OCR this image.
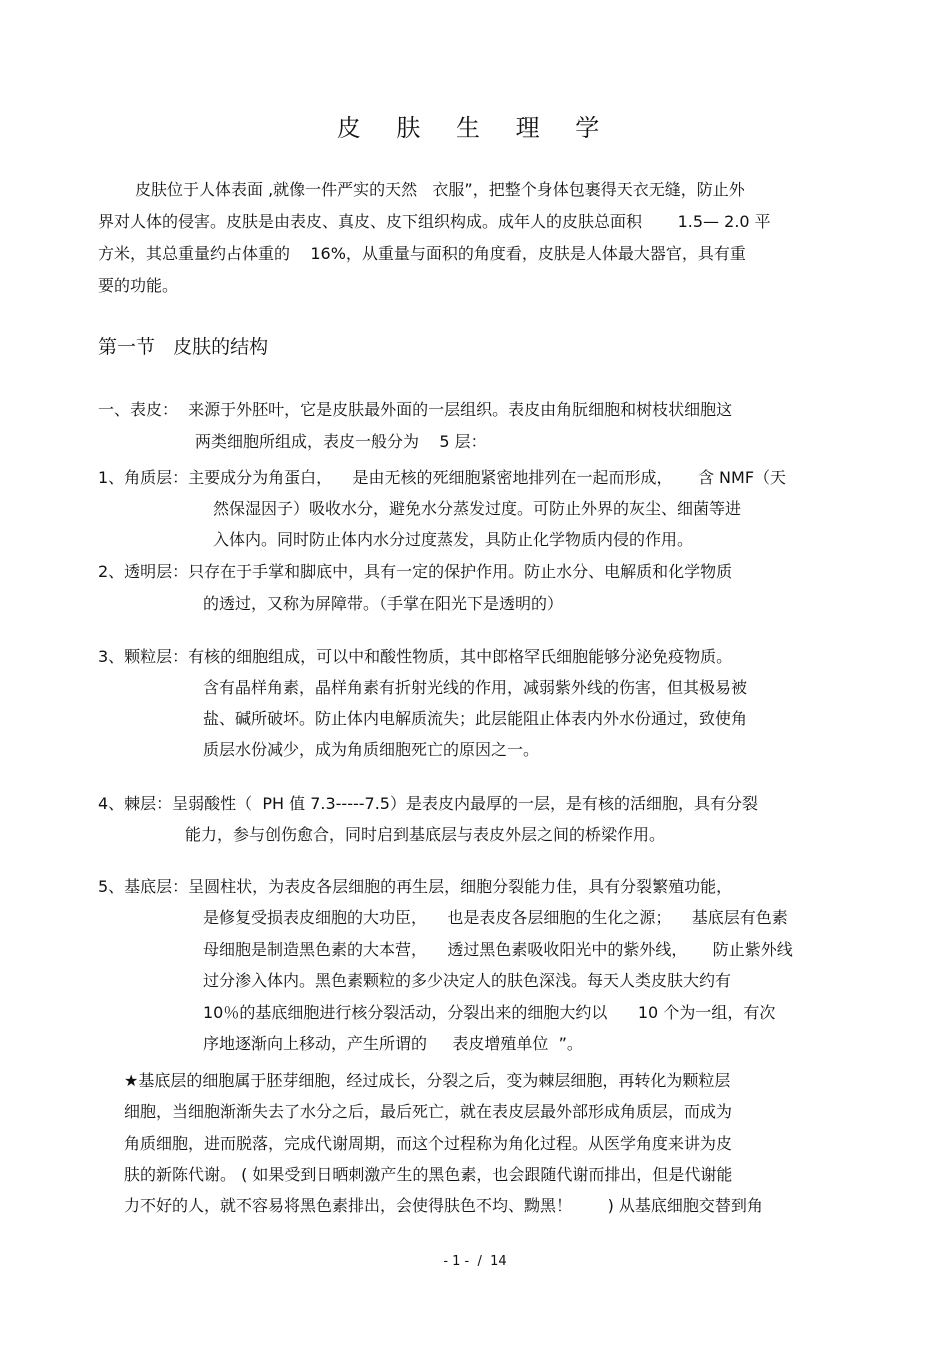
皮 肤 生 理 学
皮肤位于人体表面 ,就像一件严实的天然   衣服”，把整个身体包裹得天衣无缝，防止外
界对人体的侵害。皮肤是由表皮、真皮、皮下组织构成。成年人的皮肤总面积       1.5— 2.0 平
方米，其总重量约占体重的    16%，从重量与面积的角度看，皮肤是人体最大器官，具有重
要的功能。
第一节   皮肤的结构
一、表皮：  来源于外胚叶，它是皮肤最外面的一层组织。表皮由角朊细胞和树枝状细胞这
两类细胞所组成，表皮一般分为    5 层：
1、角质层：主要成分为角蛋白，    是由无核的死细胞紧密地排列在一起而形成，     含 NMF（天
然保湿因子）吸收水分，避免水分蒸发过度。可防止外界的灰尘、细菌等进
入体内。同时防止体内水分过度蒸发，具防止化学物质内侵的作用。
2、透明层：只存在于手掌和脚底中，具有一定的保护作用。防止水分、电解质和化学物质
的透过，又称为屏障带。（手掌在阳光下是透明的）
3、颗粒层：有核的细胞组成，可以中和酸性物质，其中郎格罕氏细胞能够分泌免疫物质。
含有晶样角素，晶样角素有折射光线的作用，减弱紫外线的伤害，但其极易被
盐、碱所破坏。防止体内电解质流失；此层能阻止体表内外水份通过，致使角
质层水份减少，成为角质细胞死亡的原因之一。
4、棘层：呈弱酸性（  PH 值 7.3-----7.5）是表皮内最厚的一层，是有核的活细胞，具有分裂
能力，参与创伤愈合，同时启到基底层与表皮外层之间的桥梁作用。
5、基底层：呈圆柱状，为表皮各层细胞的再生层，细胞分裂能力佳，具有分裂繁殖功能，
是修复受损表皮细胞的大功臣，    也是表皮各层细胞的生化之源；    基底层有色素
母细胞是制造黑色素的大本营，    透过黑色素吸收阳光中的紫外线，     防止紫外线
过分渗入体内。黑色素颗粒的多少决定人的肤色深浅。每天人类皮肤大约有
10％的基底细胞进行核分裂活动，分裂出来的细胞大约以      10 个为一组，有次
序地逐渐向上移动，产生所谓的     表皮增殖单位  ”。
★基底层的细胞属于胚芽细胞，经过成长，分裂之后，变为棘层细胞，再转化为颗粒层
细胞，当细胞渐渐失去了水分之后，最后死亡，就在表皮层最外部形成角质层，而成为
角质细胞，进而脱落，完成代谢周期，而这个过程称为角化过程。从医学角度来讲为皮
肤的新陈代谢。 ( 如果受到日晒刺激产生的黑色素，也会跟随代谢而排出，但是代谢能
力不好的人，就不容易将黑色素排出，会使得肤色不均、黝黑！       ) 从基底细胞交替到角
- 1 -  /  14
